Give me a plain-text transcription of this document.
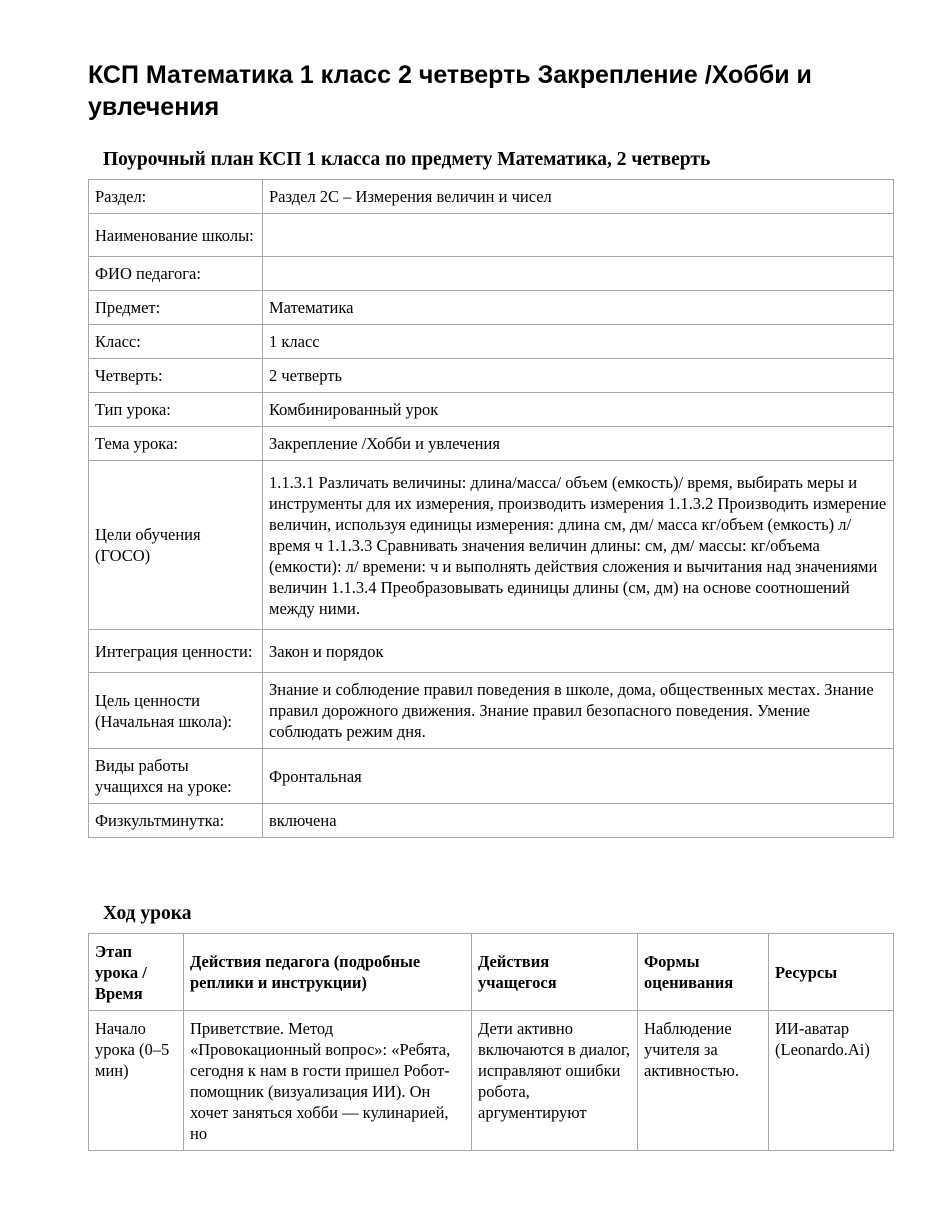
КСП Математика 1 класс 2 четверть Закрепление /Хобби и увлечения
Поурочный план КСП 1 класса по предмету Математика, 2 четверть
Раздел:	Раздел 2С – Измерения величин и чисел
Наименование школы:	
ФИО педагога:	
Предмет:	Математика
Класс:	1 класс
Четверть:	2 четверть
Тип урока:	Комбинированный урок
Тема урока:	Закрепление /Хобби и увлечения
Цели обучения (ГОСО)	1.1.3.1 Различать величины: длина/масса/ объем (емкость)/ время, выбирать меры и инструменты для их измерения, производить измерения 1.1.3.2 Производить измерение величин, используя единицы измерения: длина см, дм/ масса кг/объем (емкость) л/ время ч 1.1.3.3 Сравнивать значения величин длины: см, дм/ массы: кг/объема (емкости): л/ времени: ч и выполнять действия сложения и вычитания над значениями величин 1.1.3.4 Преобразовывать единицы длины (см, дм) на основе соотношений между ними.
Интеграция ценности:	Закон и порядок
Цель ценности (Начальная школа):	Знание и соблюдение правил поведения в школе, дома, общественных местах. Знание правил дорожного движения. Знание правил безопасного поведения. Умение соблюдать режим дня.
Виды работы учащихся на уроке:	Фронтальная
Физкультминутка:	включена
Ход урока
Этап урока / Время	Действия педагога (подробные реплики и инструкции)	Действия учащегося	Формы оценивания	Ресурсы
Начало урока (0–5 мин)	Приветствие. Метод «Провокационный вопрос»: «Ребята, сегодня к нам в гости пришел Робот-помощник (визуализация ИИ). Он хочет заняться хобби — кулинарией, но	Дети активно включаются в диалог, исправляют ошибки робота, аргументируют	Наблюдение учителя за активностью.	ИИ-аватар (Leonardo.Ai)
